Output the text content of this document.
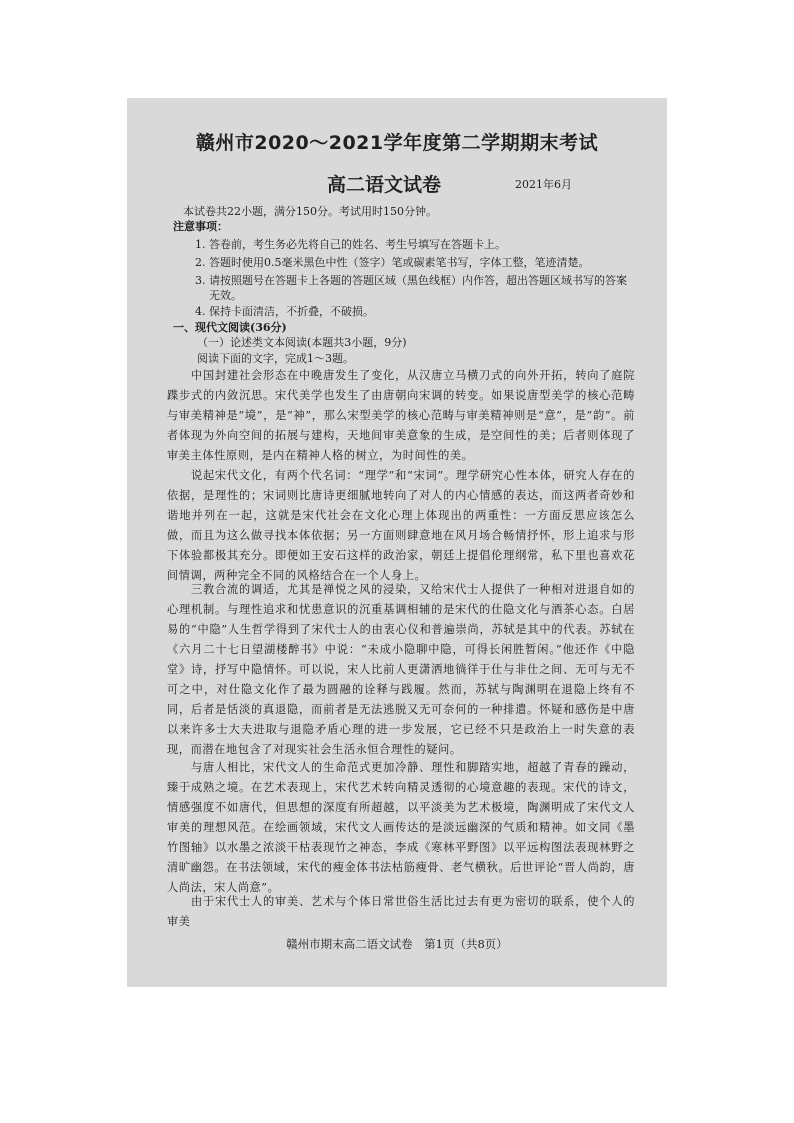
赣州市2020～2021学年度第二学期期末考试
高二语文试卷	2021年6月
本试卷共22小题，满分150分。考试用时150分钟。
注意事项：
1. 答卷前，考生务必先将自己的姓名、考生号填写在答题卡上。
2. 答题时使用0.5毫米黑色中性（签字）笔或碳素笔书写，字体工整，笔迹清楚。
3. 请按照题号在答题卡上各题的答题区域（黑色线框）内作答，超出答题区域书写的答案
无效。
4. 保持卡面清洁，不折叠，不破损。
一、现代文阅读(36分)
（一）论述类文本阅读(本题共3小题，9分)
阅读下面的文字，完成1～3题。
中国封建社会形态在中晚唐发生了变化，从汉唐立马横刀式的向外开拓，转向了庭院蹀步式的内敛沉思。宋代美学也发生了由唐朝向宋调的转变。如果说唐型美学的核心范畴与审美精神是“境”，是“神”，那么宋型美学的核心范畴与审美精神则是“意”，是“韵”。前者体现为外向空间的拓展与建构，天地间审美意象的生成，是空间性的美；后者则体现了审美主体性原则，是内在精神人格的树立，为时间性的美。
说起宋代文化，有两个代名词：“理学”和“宋词”。理学研究心性本体，研究人存在的依据，是理性的；宋词则比唐诗更细腻地转向了对人的内心情感的表达，而这两者奇妙和谐地并列在一起，这就是宋代社会在文化心理上体现出的两重性：一方面反思应该怎么做，而且为这么做寻找本体依据；另一方面则肆意地在风月场合畅情抒怀，形上追求与形下体验都极其充分。即便如王安石这样的政治家，朝廷上提倡伦理纲常，私下里也喜欢花间情调，两种完全不同的风格结合在一个人身上。
三教合流的调适，尤其是禅悦之风的浸染，又给宋代士人提供了一种相对进退自如的心理机制。与理性追求和忧患意识的沉重基调相辅的是宋代的仕隐文化与酒茶心态。白居易的“中隐”人生哲学得到了宋代士人的由衷心仪和普遍崇尚，苏轼是其中的代表。苏轼在《六月二十七日望湖楼醉书》中说：“未成小隐聊中隐，可得长闲胜暂闲。”他还作《中隐堂》诗，抒写中隐情怀。可以说，宋人比前人更潇洒地徜徉于仕与非仕之间、无可与无不可之中，对仕隐文化作了最为圆融的诠释与践履。然而，苏轼与陶渊明在退隐上终有不同，后者是恬淡的真退隐，而前者是无法逃脱又无可奈何的一种排遣。怀疑和感伤是中唐以来许多士大夫进取与退隐矛盾心理的进一步发展，它已经不只是政治上一时失意的表现，而潜在地包含了对现实社会生活永恒合理性的疑问。
与唐人相比，宋代文人的生命范式更加冷静、理性和脚踏实地，超越了青春的躁动，臻于成熟之境。在艺术表现上，宋代艺术转向精灵透彻的心境意趣的表现。宋代的诗文，情感强度不如唐代，但思想的深度有所超越，以平淡美为艺术极境，陶渊明成了宋代文人审美的理想风范。在绘画领域，宋代文人画传达的是淡远幽深的气质和精神。如文同《墨竹图轴》以水墨之浓淡干枯表现竹之神态，李成《寒林平野图》以平远构图法表现林野之清旷幽怨。在书法领域，宋代的瘦金体书法枯筋瘦骨、老气横秋。后世评论“晋人尚韵，唐人尚法，宋人尚意”。
由于宋代士人的审美、艺术与个体日常世俗生活比过去有更为密切的联系，使个人的审美
赣州市期末高二语文试卷　第1页（共8页）
